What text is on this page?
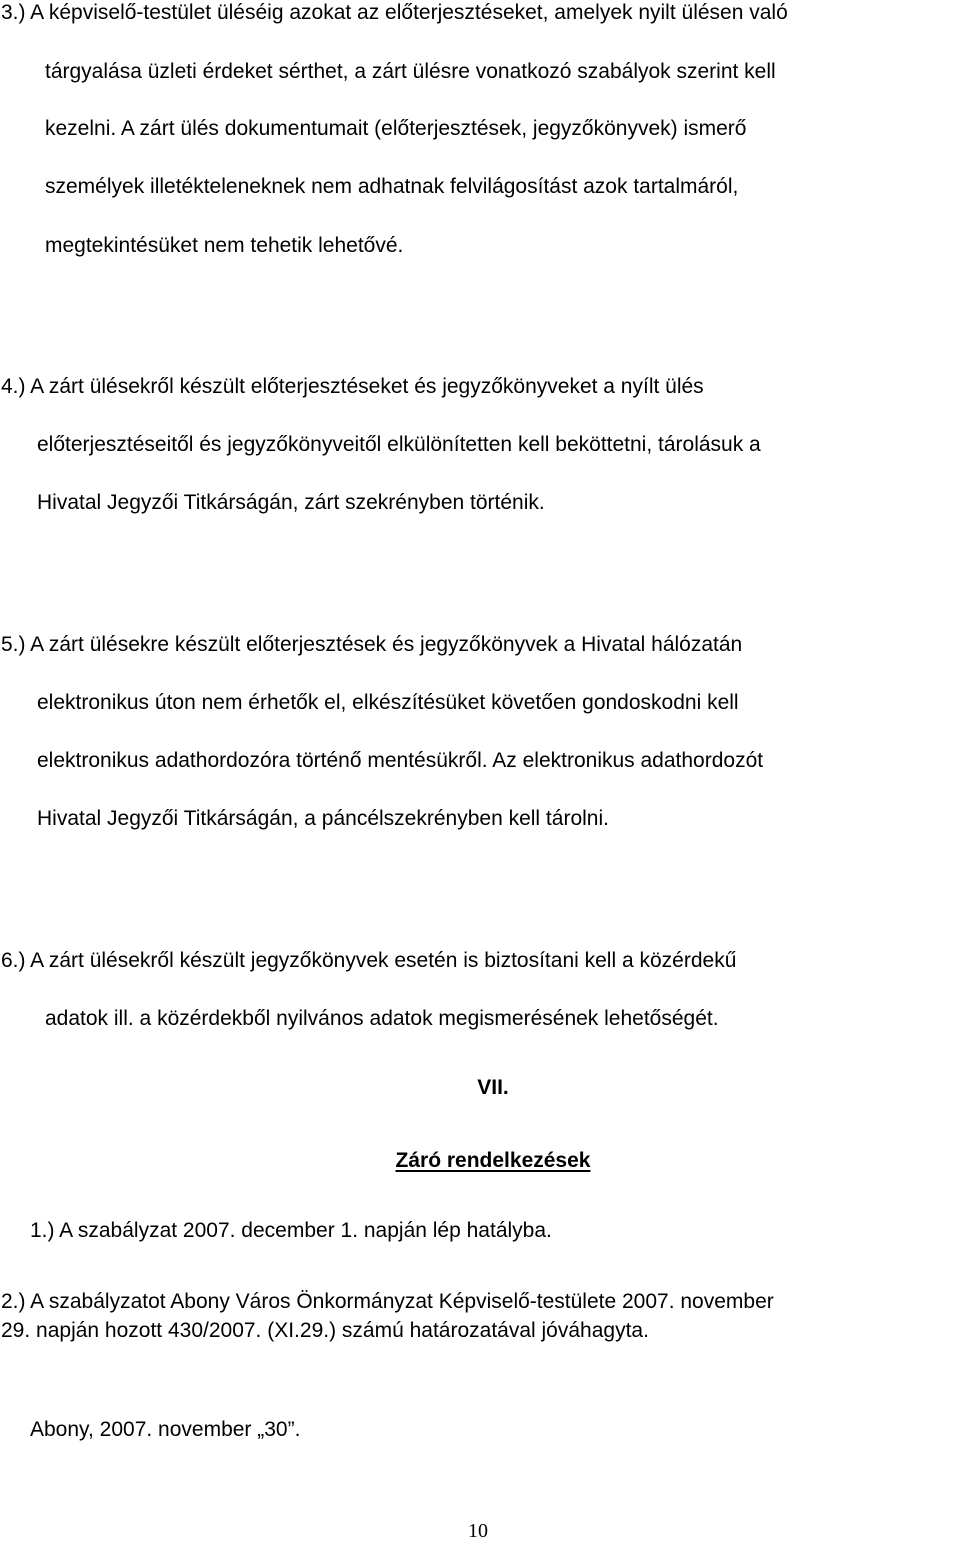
3.) A képviselő-testület üléséig azokat az előterjesztéseket, amelyek nyilt ülésen való
tárgyalása üzleti érdeket sérthet, a zárt ülésre vonatkozó szabályok szerint kell
kezelni. A zárt ülés dokumentumait (előterjesztések, jegyzőkönyvek) ismerő
személyek illetékteleneknek nem adhatnak felvilágosítást azok tartalmáról,
megtekintésüket nem tehetik lehetővé.
4.) A zárt ülésekről készült előterjesztéseket és jegyzőkönyveket a nyílt ülés
előterjesztéseitől és jegyzőkönyveitől elkülönítetten kell beköttetni, tárolásuk a
Hivatal Jegyzői Titkárságán, zárt szekrényben történik.
5.) A zárt ülésekre készült előterjesztések és jegyzőkönyvek a Hivatal hálózatán
elektronikus úton nem érhetők el, elkészítésüket követően gondoskodni kell
elektronikus adathordozóra történő mentésükről. Az elektronikus adathordozót
Hivatal Jegyzői Titkárságán, a páncélszekrényben kell tárolni.
6.) A zárt ülésekről készült jegyzőkönyvek esetén is biztosítani kell a közérdekű
adatok ill. a közérdekből nyilvános adatok megismerésének lehetőségét.
VII.
Záró rendelkezések
1.) A szabályzat 2007. december 1. napján lép hatályba.
2.) A szabályzatot Abony Város Önkormányzat Képviselő-testülete 2007. november
29. napján hozott 430/2007. (XI.29.) számú határozatával jóváhagyta.
Abony, 2007. november „30”.
10
